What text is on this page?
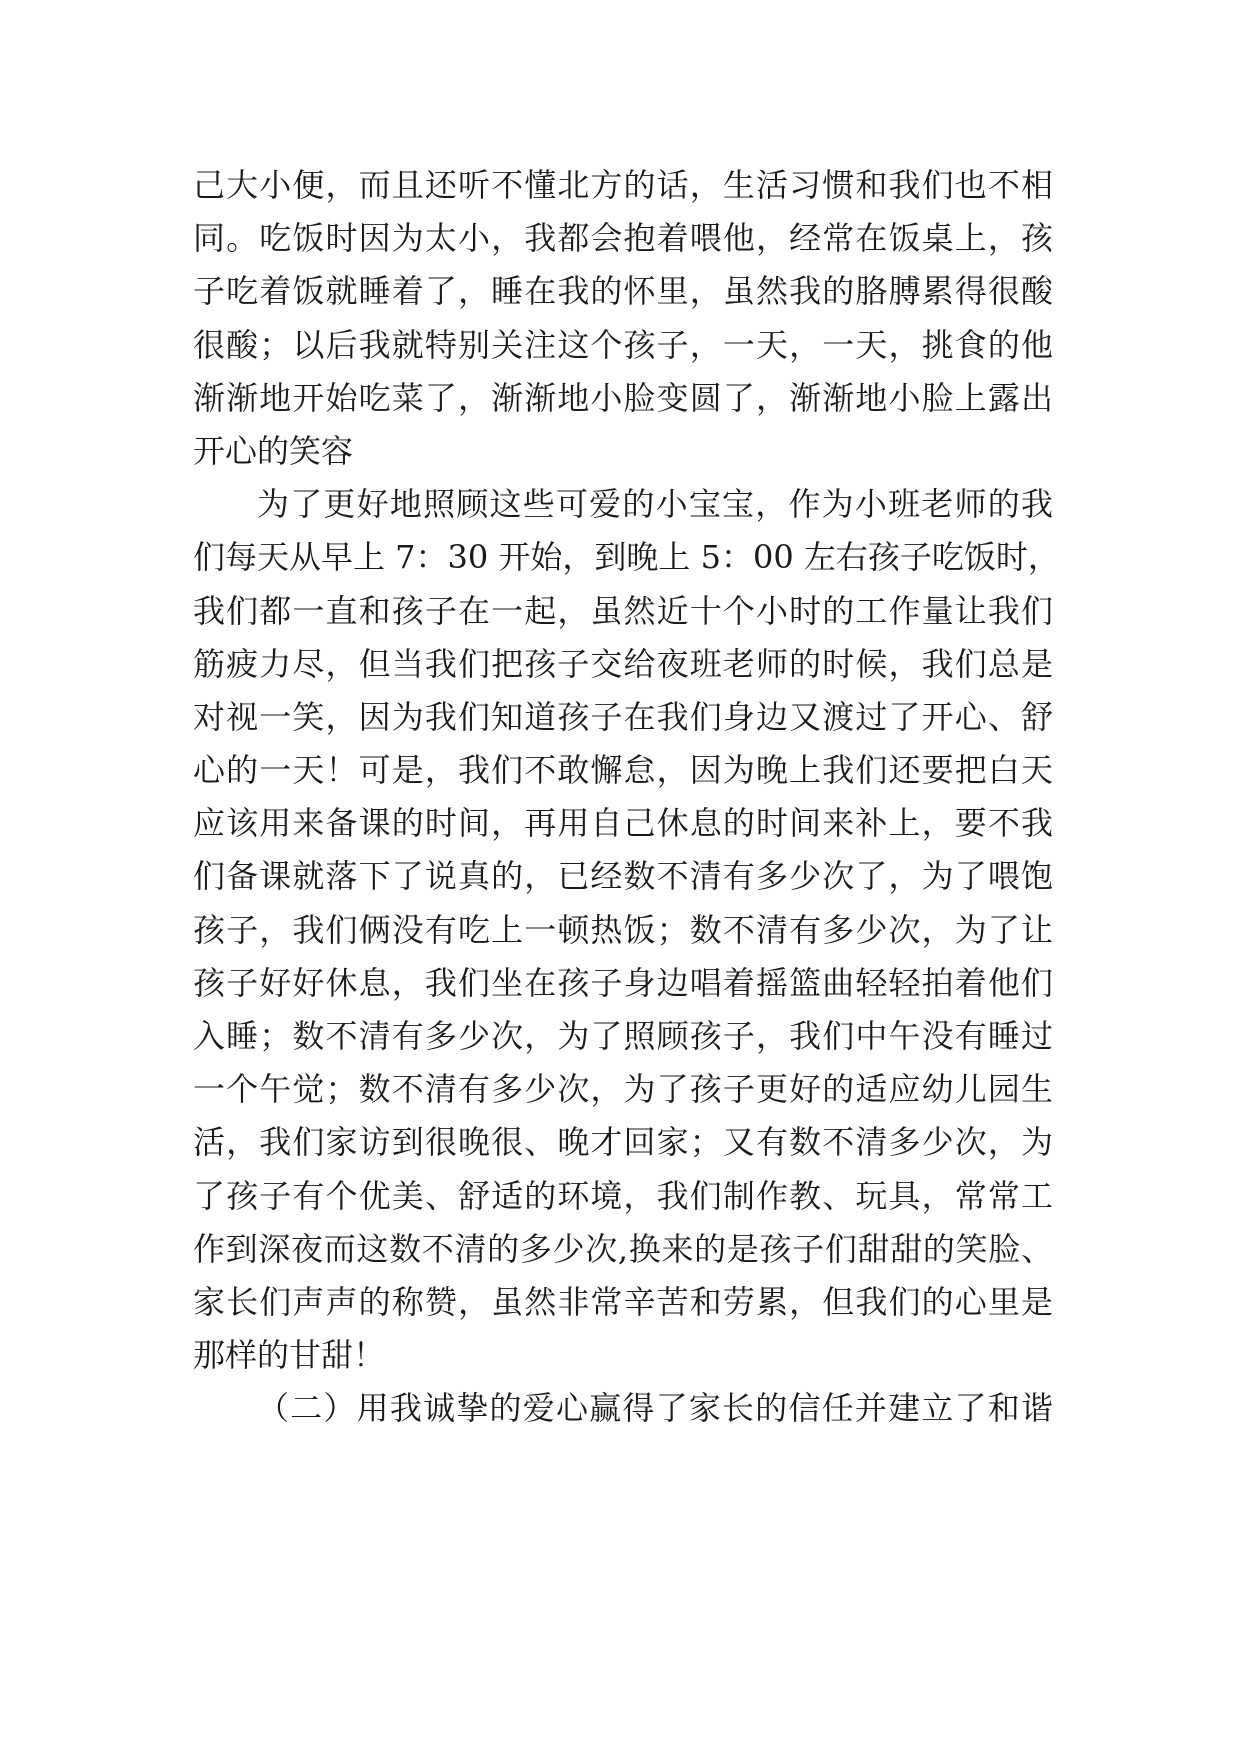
己大小便，而且还听不懂北方的话，生活习惯和我们也不相
同。吃饭时因为太小，我都会抱着喂他，经常在饭桌上，孩
子吃着饭就睡着了，睡在我的怀里，虽然我的胳膊累得很酸
很酸；以后我就特别关注这个孩子，一天，一天，挑食的他
渐渐地开始吃菜了，渐渐地小脸变圆了，渐渐地小脸上露出
开心的笑容
为了更好地照顾这些可爱的小宝宝，作为小班老师的我
们每天从早上 7：30 开始，到晚上 5：00 左右孩子吃饭时，
我们都一直和孩子在一起，虽然近十个小时的工作量让我们
筋疲力尽，但当我们把孩子交给夜班老师的时候，我们总是
对视一笑，因为我们知道孩子在我们身边又渡过了开心、舒
心的一天！可是，我们不敢懈怠，因为晚上我们还要把白天
应该用来备课的时间，再用自己休息的时间来补上，要不我
们备课就落下了说真的，已经数不清有多少次了，为了喂饱
孩子，我们俩没有吃上一顿热饭；数不清有多少次，为了让
孩子好好休息，我们坐在孩子身边唱着摇篮曲轻轻拍着他们
入睡；数不清有多少次，为了照顾孩子，我们中午没有睡过
一个午觉；数不清有多少次，为了孩子更好的适应幼儿园生
活，我们家访到很晚很、晚才回家；又有数不清多少次，为
了孩子有个优美、舒适的环境，我们制作教、玩具，常常工
作到深夜而这数不清的多少次,换来的是孩子们甜甜的笑脸、
家长们声声的称赞，虽然非常辛苦和劳累，但我们的心里是
那样的甘甜！
（二）用我诚挚的爱心赢得了家长的信任并建立了和谐
